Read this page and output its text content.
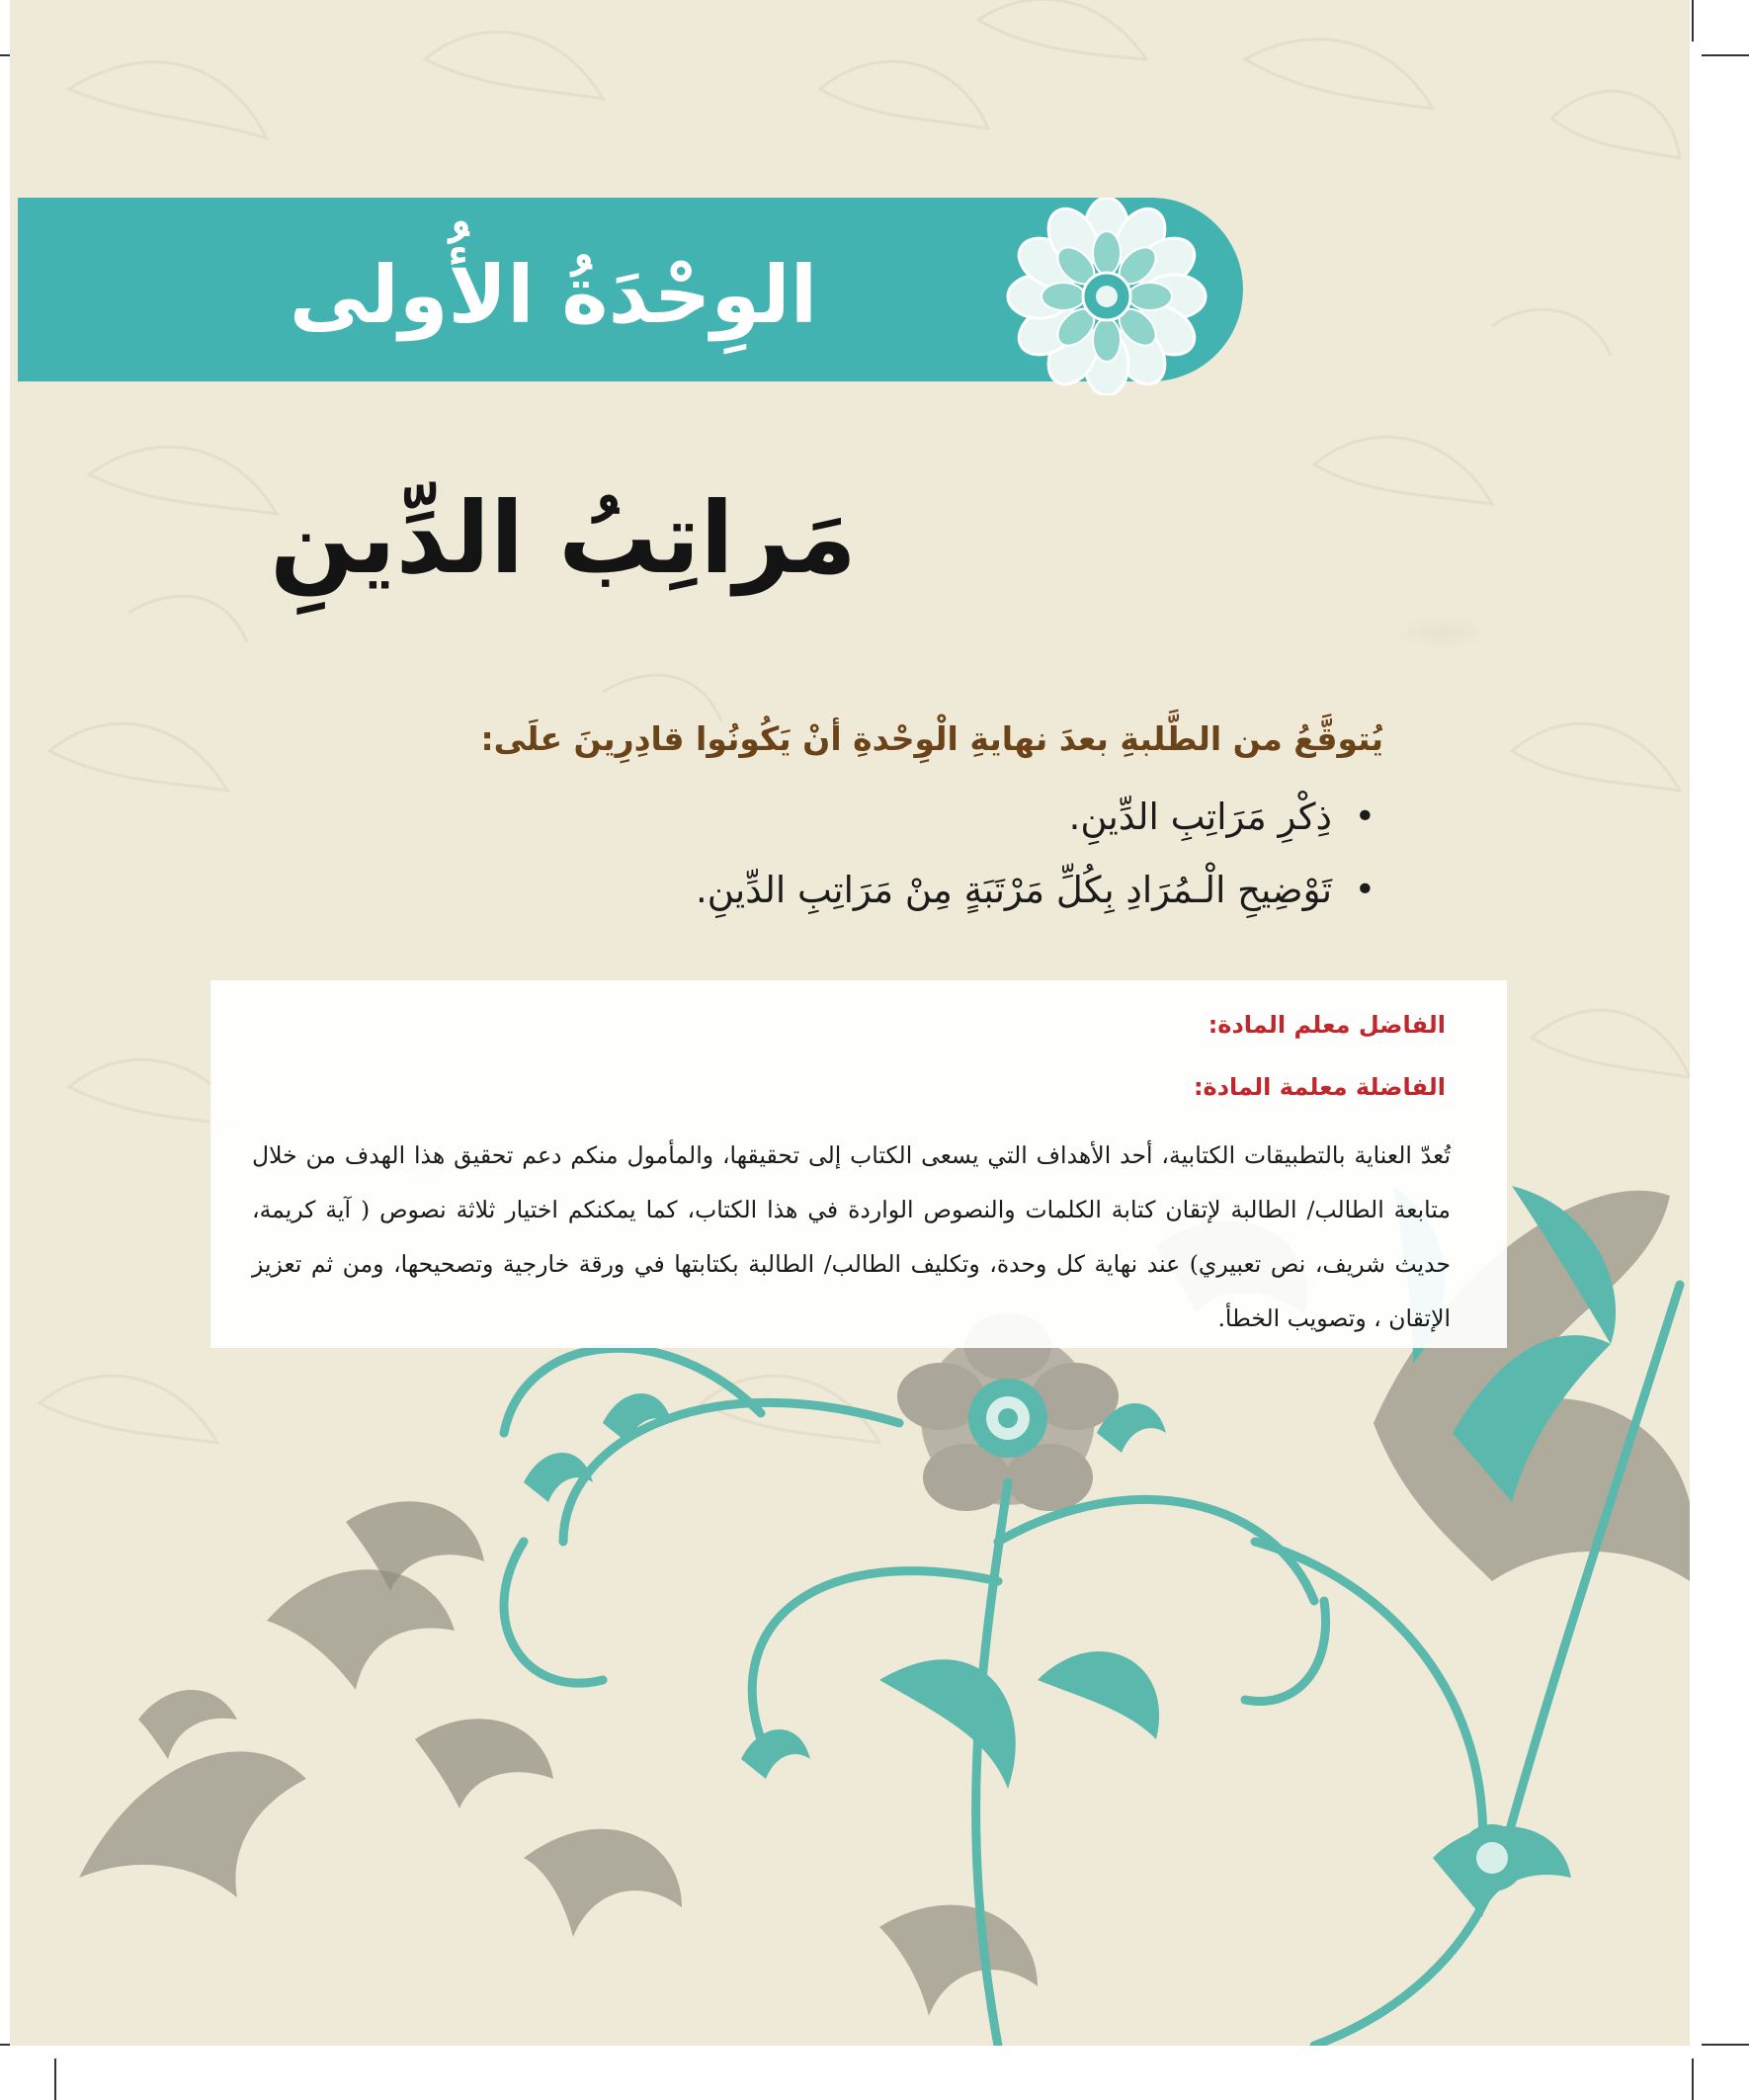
الوِحْدَةُ الأُولى
مَراتِبُ الدِّينِ
يُتوقَّعُ من الطَّلبةِ بعدَ نهايةِ الْوِحْدةِ أنْ يَكُونُوا قادِرِينَ علَى:
•
ذِكْرِ مَرَاتِبِ الدِّينِ.
•
تَوْضِيحِ الْـمُرَادِ بِكُلِّ مَرْتَبَةٍ مِنْ مَرَاتِبِ الدِّينِ.
الفاضل معلم المادة:
الفاضلة معلمة المادة:

تُعدّ العناية بالتطبيقات الكتابية، أحد الأهداف التي يسعى الكتاب إلى تحقيقها، والمأمول منكم دعم تحقيق هذا الهدف من خلال متابعة الطالب/ الطالبة لإتقان كتابة الكلمات والنصوص الواردة في هذا الكتاب، كما يمكنكم اختيار ثلاثة نصوص ( آية كريمة، حديث شريف، نص تعبيري) عند نهاية كل وحدة، وتكليف الطالب/ الطالبة بكتابتها في ورقة خارجية وتصحيحها، ومن ثم تعزيز الإتقان ، وتصويب الخطأ.
